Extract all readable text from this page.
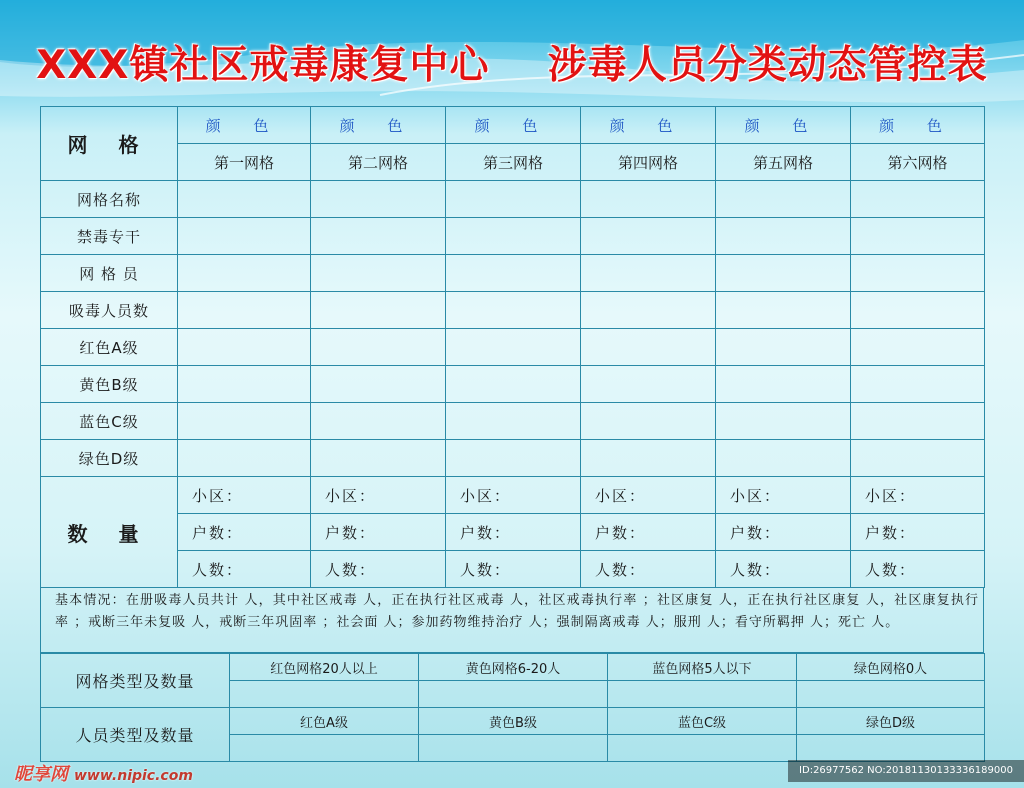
XXX镇社区戒毒康复中心    涉毒人员分类动态管控表
网 格	颜 色	颜 色	颜 色	颜 色	颜 色	颜 色
	第一网格	第二网格	第三网格	第四网格	第五网格	第六网格
网格名称						
禁毒专干						
网 格 员						
吸毒人员数						
红色A级						
黄色B级						
蓝色C级						
绿色D级						
数 量	小区：	小区：	小区：	小区：	小区：	小区：
	户数：	户数：	户数：	户数：	户数：	户数：
	人数：	人数：	人数：	人数：	人数：	人数：
基本情况：在册吸毒人员共计 人，其中社区戒毒 人，正在执行社区戒毒 人，社区戒毒执行率 ；社区康复 人，正在执行社区康复 人，社区康复执行率 ；戒断三年未复吸 人，戒断三年巩固率 ；社会面 人；参加药物维持治疗 人；强制隔离戒毒 人；服刑 人；看守所羁押 人；死亡 人。
网格类型及数量	红色网格20人以上	黄色网格6-20人	蓝色网格5人以下	绿色网格0人

人员类型及数量	红色A级	黄色B级	蓝色C级	绿色D级

昵享网 www.nipic.com	ID:26977562 NO:20181130133336189000
